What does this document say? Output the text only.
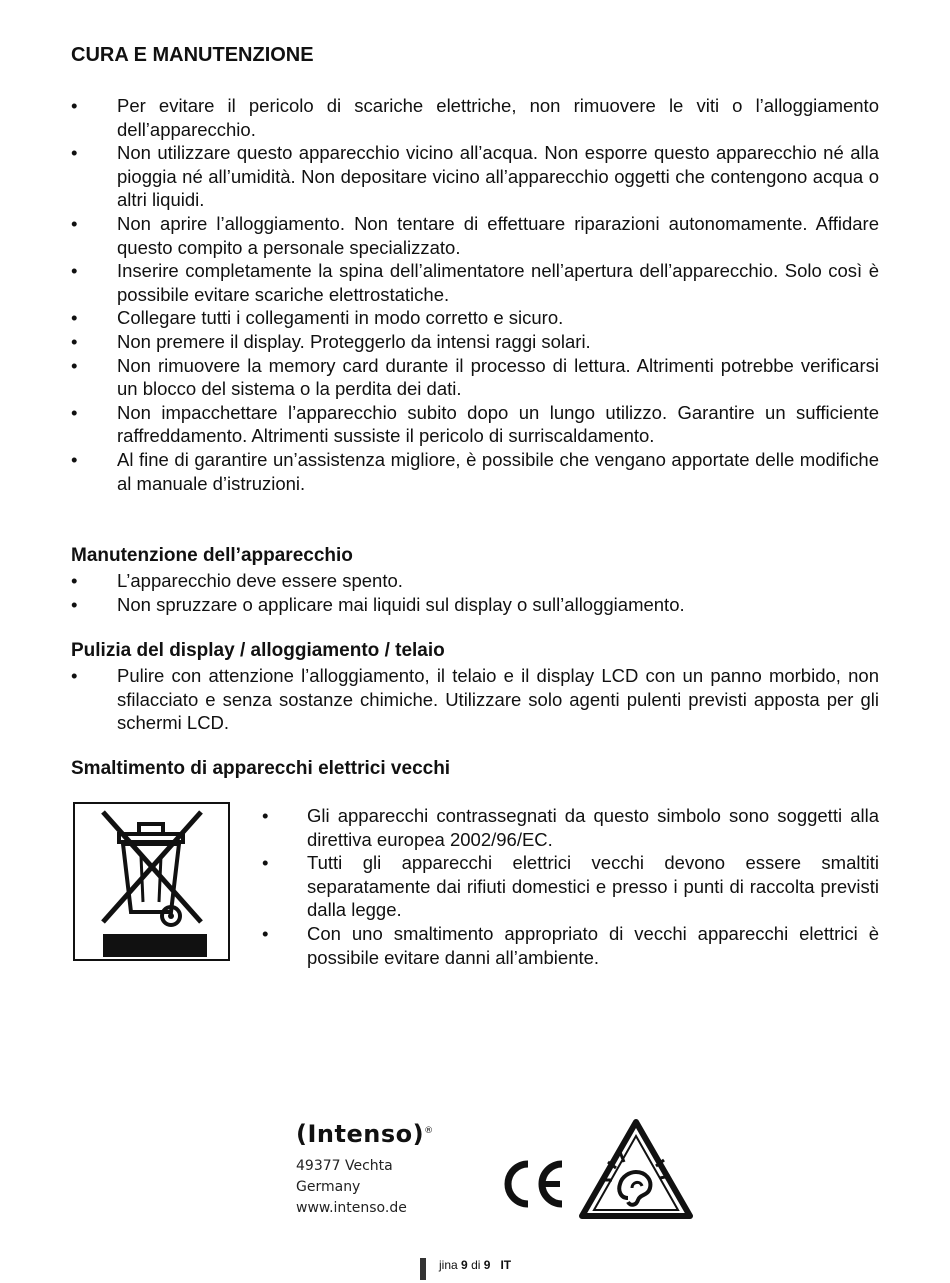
CURA E MANUTENZIONE
• Per evitare il pericolo di scariche elettriche, non rimuovere le viti o l’alloggiamento dell’apparecchio.
• Non utilizzare questo apparecchio vicino all’acqua. Non esporre questo apparecchio né alla pioggia né all’umidità. Non depositare vicino all’apparecchio oggetti che contengono acqua o altri liquidi.
• Non aprire l’alloggiamento. Non tentare di effettuare riparazioni autonomamente. Affidare questo compito a personale specializzato.
• Inserire completamente la spina dell’alimentatore nell’apertura dell’apparecchio. Solo così è possibile evitare scariche elettrostatiche.
• Collegare tutti i collegamenti in modo corretto e sicuro.
• Non premere il display. Proteggerlo da intensi raggi solari.
• Non rimuovere la memory card durante il processo di lettura. Altrimenti potrebbe verificarsi un blocco del sistema o la perdita dei dati.
• Non impacchettare l’apparecchio subito dopo un lungo utilizzo. Garantire un sufficiente raffreddamento. Altrimenti sussiste il pericolo di surriscaldamento.
• Al fine di garantire un’assistenza migliore, è possibile che vengano apportate delle modifiche al manuale d’istruzioni.
Manutenzione dell’apparecchio
• L’apparecchio deve essere spento.
• Non spruzzare o applicare mai liquidi sul display o sull’alloggiamento.
Pulizia del display / alloggiamento / telaio
• Pulire con attenzione l’alloggiamento, il telaio e il display LCD con un panno morbido, non sfilacciato e senza sostanze chimiche. Utilizzare solo agenti pulenti previsti apposta per gli schermi LCD.
Smaltimento di apparecchi elettrici vecchi
• Gli apparecchi contrassegnati da questo simbolo sono soggetti alla direttiva europea 2002/96/EC.
• Tutti gli apparecchi elettrici vecchi devono essere smaltiti separatamente dai rifiuti domestici e presso i punti di raccolta previsti dalla legge.
• Con uno smaltimento appropriato di vecchi apparecchi elettrici è possibile evitare danni all’ambiente.
(Intenso)®
49377 Vechta
Germany
www.intenso.de
jina 9 di 9 IT
